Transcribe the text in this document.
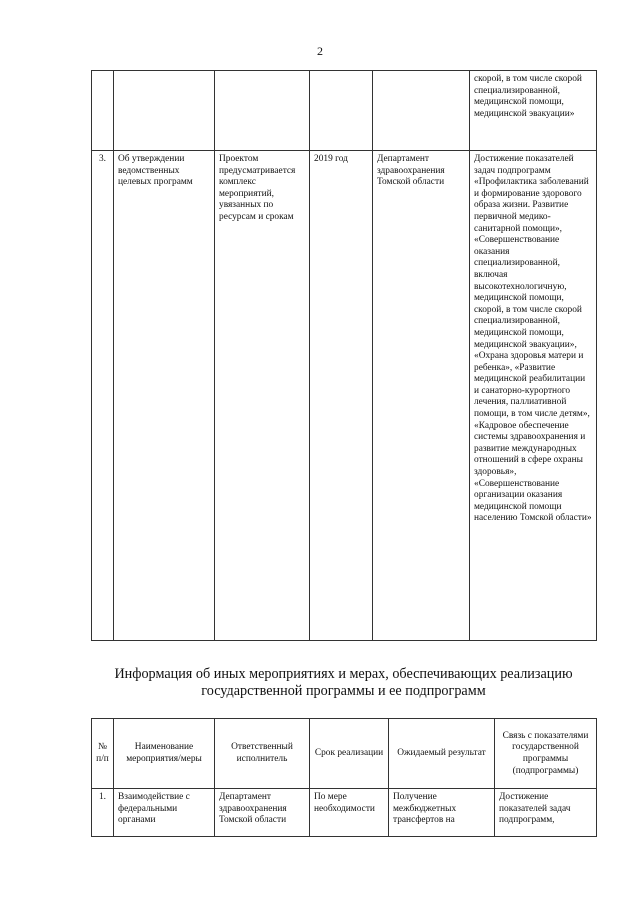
2
					скорой, в том числе скорой специализированной, медицинской помощи, медицинской эвакуации»
3.	Об утверждении ведомственных целевых программ	Проектом предусматривается комплекс мероприятий, увязанных по ресурсам и срокам	2019 год	Департамент здравоохранения Томской области	Достижение показателей задач подпрограмм «Профилактика заболеваний и формирование здорового образа жизни. Развитие первичной медико-санитарной помощи», «Совершенствование оказания специализированной, включая высокотехнологичную, медицинской помощи, скорой, в том числе скорой специализированной, медицинской помощи, медицинской эвакуации», «Охрана здоровья матери и ребенка», «Развитие медицинской реабилитации и санаторно-курортного лечения, паллиативной помощи, в том числе детям», «Кадровое обеспечение системы здравоохранения и развитие международных отношений в сфере охраны здоровья», «Совершенствование организации оказания медицинской помощи населению Томской области»
Информация об иных мероприятиях и мерах, обеспечивающих реализацию государственной программы и ее подпрограмм
№ п/п	Наименование мероприятия/меры	Ответственный исполнитель	Срок реализации	Ожидаемый результат	Связь с показателями государственной программы (подпрограммы)
1.	Взаимодействие с федеральными органами	Департамент здравоохранения Томской области	По мере необходимости	Получение межбюджетных трансфертов на	Достижение показателей задач подпрограмм,
